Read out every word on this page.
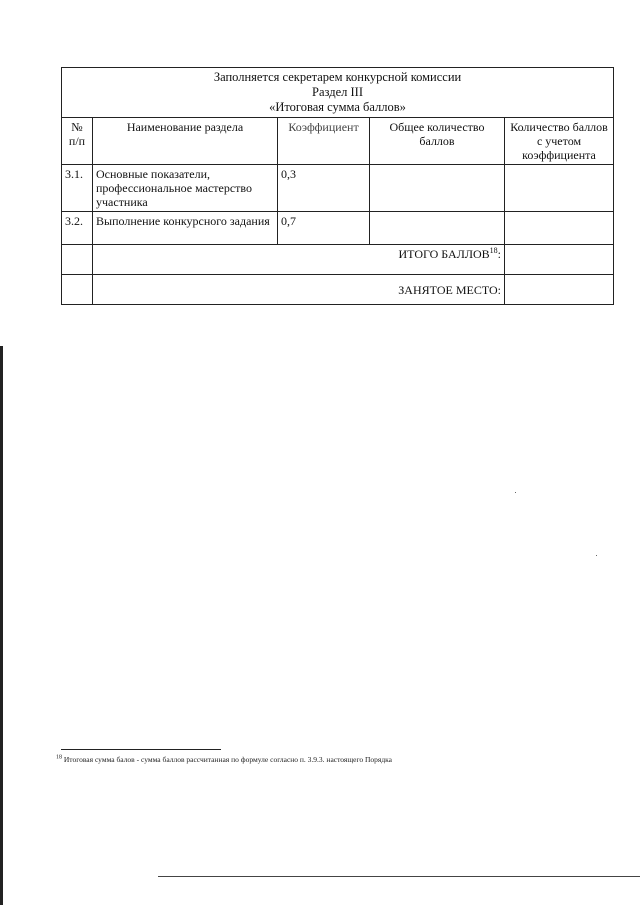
Заполняется секретарем конкурсной комиссии
Раздел III
«Итоговая сумма баллов»				

№ п/п	Наименование раздела	Коэффициент	Общее количество баллов	Количество баллов с учетом коэффициента
3.1.	Основные показатели, профессиональное мастерство участника	0,3		
3.2.	Выполнение конкурсного задания	0,7		
	ИТОГО БАЛЛОВ$^{18}$:			
	ЗАНЯТОЕ МЕСТО:			
$^{18}$ Итоговая сумма балов - сумма баллов рассчитанная по формуле согласно п. 3.9.3. настоящего Порядка
